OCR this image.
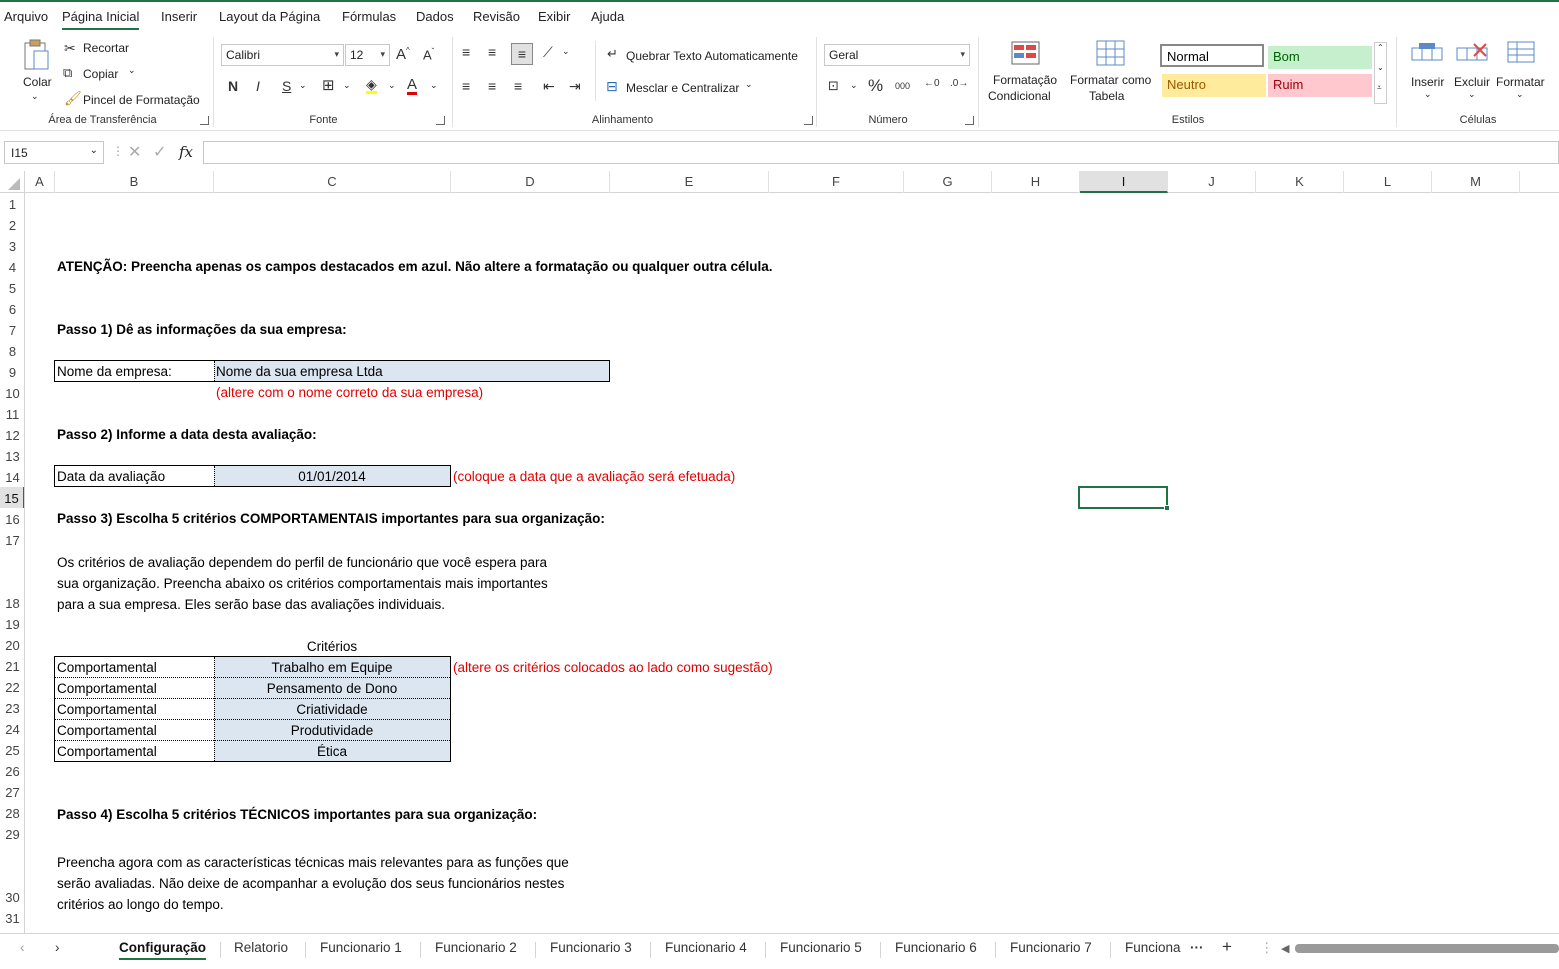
Arquivo Página Inicial Inserir Layout da Página Fórmulas Dados Revisão Exibir Ajuda
Colar
⌄
✂ Recortar
⧉ Copiar ⌄
🖌 Pincel de Formatação
Área de Transferência
Calibri	▾ 12 ▾ A^ $A^ˇ$
N I S ⌄ ⊞ ⌄ ◈ ⌄ A ⌄
Fonte
≡ ≡	≡	⟋ ⌄
≡ ≡ ≡ ⇤ ⇥
↵ Quebrar Texto Automaticamente
⊟ Mesclar e Centralizar ⌄
Alinhamento
Geral	▾
⊡ ⌄ % 000 ←0 .0→
Número
Formatação
Condicional
Formatar como
Tabela
Normal	Bom
Neutro	Ruim
⌃
⌄
⩡
Estilos
Inserir
⌄
Excluir
⌄
Formatar
⌄
Células
I15	⌄ ⋮ ✕ ✓ fx
A	B	C	D	E	F	G	H	I	J	K	L	M
1
2
3
4
5
6
7
8
9
10
11
12
13
14
15
16
17
18
19
20
21
22
23
24
25
26
27
28
29
30
31
ATENÇÃO: Preencha apenas os campos destacados em azul. Não altere a formatação ou qualquer outra célula.
Passo 1) Dê as informações da sua empresa:
Nome da empresa:	Nome da sua empresa Ltda
(altere com o nome correto da sua empresa)
Passo 2) Informe a data desta avaliação:
Data da avaliação	01/01/2014	(coloque a data que a avaliação será efetuada)
Passo 3) Escolha 5 critérios COMPORTAMENTAIS importantes para sua organização:
Os critérios de avaliação dependem do perfil de funcionário que você espera para
sua organização. Preencha abaixo os critérios comportamentais mais importantes
para a sua empresa. Eles serão base das avaliações individuais.
Critérios
Comportamental	Trabalho em Equipe
Comportamental	Pensamento de Dono
Comportamental	Criatividade
Comportamental	Produtividade
Comportamental	Ética
(altere os critérios colocados ao lado como sugestão)
Passo 4) Escolha 5 critérios TÉCNICOS importantes para sua organização:
Preencha agora com as características técnicas mais relevantes para as funções que
serão avaliadas. Não deixe de acompanhar a evolução dos seus funcionários nestes
critérios ao longo do tempo.
‹ ›	Configuração Relatorio Funcionario 1 Funcionario 2 Funcionario 3 Funcionario 4 Funcionario 5 Funcionario 6 Funcionario 7 Funciona ··· + ⋮ ◀
